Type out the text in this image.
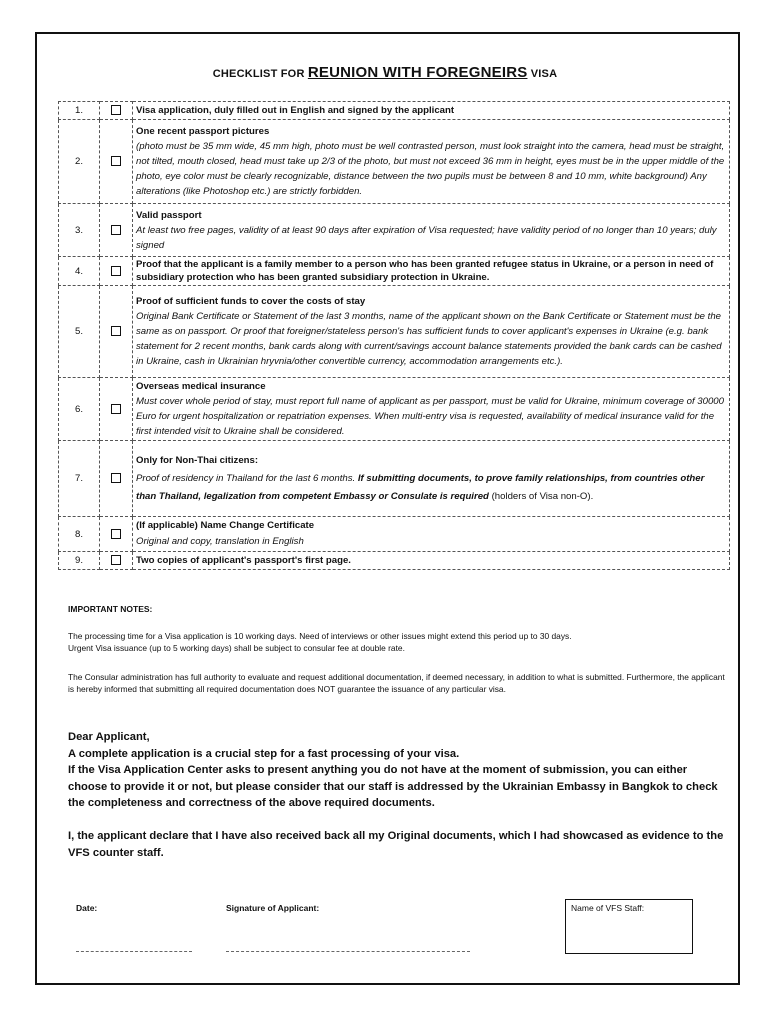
CHECKLIST FOR REUNION WITH FOREGNEIRS VISA
1.		Visa application, duly filled out in English and signed by the applicant

2.		One recent passport pictures
(photo must be 35 mm wide, 45 mm high, photo must be well contrasted person, must look straight into the camera, head must be straight, not tilted, mouth closed, head must take up 2/3 of the photo, but must not exceed 36 mm in height, eyes must be in the upper middle of the photo, eye color must be clearly recognizable, distance between the two pupils must be between 8 and 10 mm, white background) Any alterations (like Photoshop etc.) are strictly forbidden.

3.		Valid passport
At least two free pages, validity of at least 90 days after expiration of Visa requested; have validity period of no longer than 10 years; duly signed

4.		Proof that the applicant is a family member to a person who has been granted refugee status in Ukraine, or a person in need of subsidiary protection who has been granted subsidiary protection in Ukraine.

5.		Proof of sufficient funds to cover the costs of stay
Original Bank Certificate or Statement of the last 3 months, name of the applicant shown on the Bank Certificate or Statement must be the same as on passport. Or proof that foreigner/stateless person's has sufficient funds to cover applicant's expenses in Ukraine (e.g. bank statement for 2 recent months, bank cards along with current/savings account balance statements provided the bank cards can be cashed in Ukraine, cash in Ukrainian hryvnia/other convertible currency, accommodation arrangements etc.).

6.		Overseas medical insurance
Must cover whole period of stay, must report full name of applicant as per passport, must be valid for Ukraine, minimum coverage of 30000 Euro for urgent hospitalization or repatriation expenses. When multi-entry visa is requested, availability of medical insurance valid for the first intended visit to Ukraine shall be considered.

7.		Only for Non-Thai citizens:
Proof of residency in Thailand for the last 6 months. If submitting documents, to prove family relationships, from countries other than Thailand, legalization from competent Embassy or Consulate is required (holders of Visa non-O).

8.		(If applicable) Name Change Certificate
Original and copy, translation in English

9.		Two copies of applicant's passport's first page.
IMPORTANT NOTES:
The processing time for a Visa application is 10 working days. Need of interviews or other issues might extend this period up to 30 days.
Urgent Visa issuance (up to 5 working days) shall be subject to consular fee at double rate.
The Consular administration has full authority to evaluate and request additional documentation, if deemed necessary, in addition to what is submitted. Furthermore, the applicant is hereby informed that submitting all required documentation does NOT guarantee the issuance of any particular visa.
Dear Applicant,
A complete application is a crucial step for a fast processing of your visa.
If the Visa Application Center asks to present anything you do not have at the moment of submission, you can either choose to provide it or not, but please consider that our staff is addressed by the Ukrainian Embassy in Bangkok to check the completeness and correctness of the above required documents.
I, the applicant declare that I have also received back all my Original documents, which I had showcased as evidence to the VFS counter staff.
Date:	Signature of Applicant:	Name of VFS Staff:
